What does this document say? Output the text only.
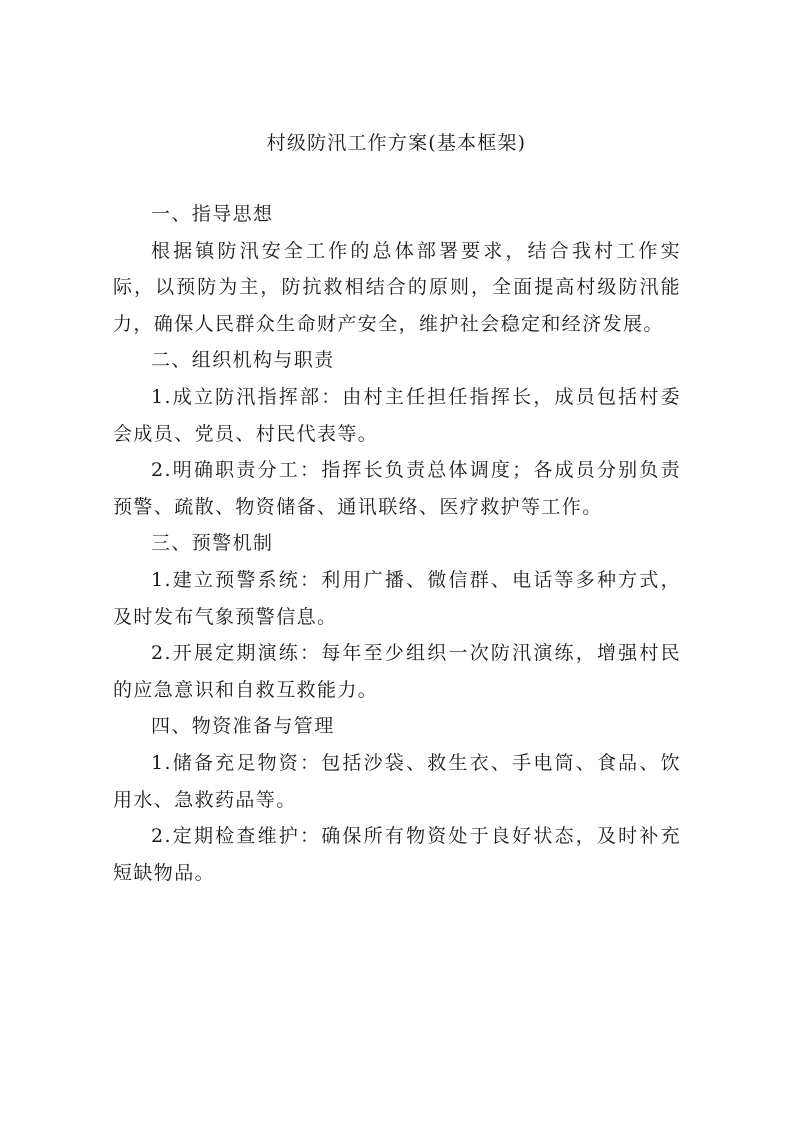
村级防汛工作方案(基本框架)

一、指导思想

根据镇防汛安全工作的总体部署要求，结合我村工作实际，以预防为主，防抗救相结合的原则，全面提高村级防汛能力，确保人民群众生命财产安全，维护社会稳定和经济发展。

二、组织机构与职责

1.成立防汛指挥部：由村主任担任指挥长，成员包括村委会成员、党员、村民代表等。

2.明确职责分工：指挥长负责总体调度；各成员分别负责预警、疏散、物资储备、通讯联络、医疗救护等工作。

三、预警机制

1.建立预警系统：利用广播、微信群、电话等多种方式，及时发布气象预警信息。

2.开展定期演练：每年至少组织一次防汛演练，增强村民的应急意识和自救互救能力。

四、物资准备与管理

1.储备充足物资：包括沙袋、救生衣、手电筒、食品、饮用水、急救药品等。

2.定期检查维护：确保所有物资处于良好状态，及时补充短缺物品。
